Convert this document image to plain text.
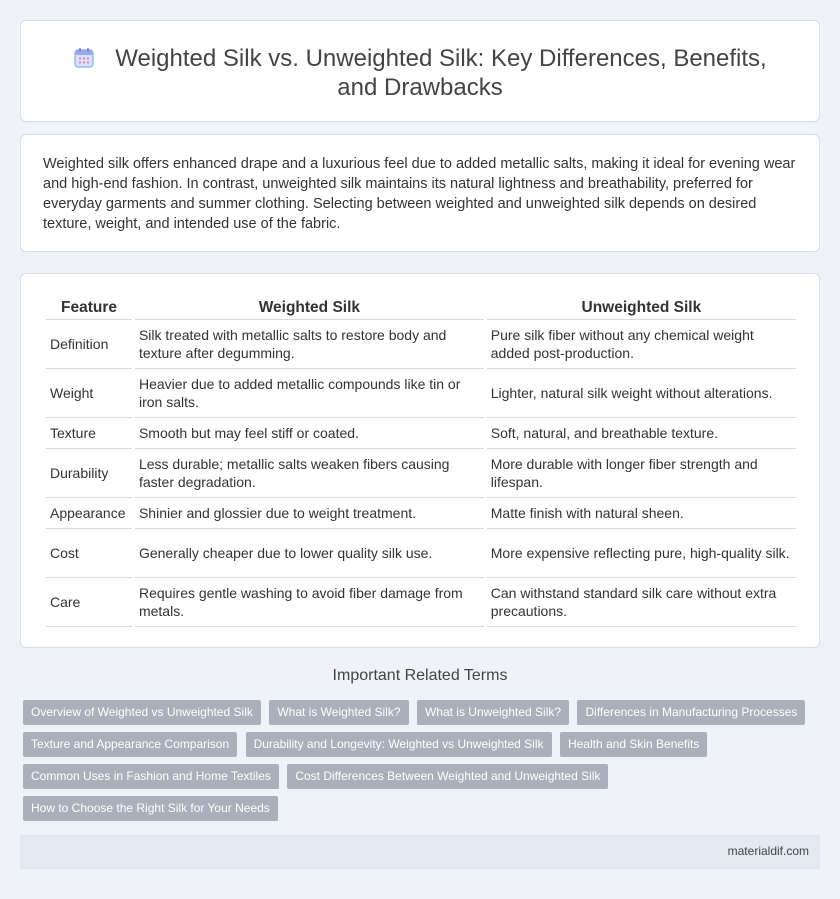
Weighted Silk vs. Unweighted Silk: Key Differences, Benefits, and Drawbacks
Weighted silk offers enhanced drape and a luxurious feel due to added metallic salts, making it ideal for evening wear and high-end fashion. In contrast, unweighted silk maintains its natural lightness and breathability, preferred for everyday garments and summer clothing. Selecting between weighted and unweighted silk depends on desired texture, weight, and intended use of the fabric.
Feature	Weighted Silk	Unweighted Silk
Definition	Silk treated with metallic salts to restore body and texture after degumming.	Pure silk fiber without any chemical weight added post-production.
Weight	Heavier due to added metallic compounds like tin or iron salts.	Lighter, natural silk weight without alterations.
Texture	Smooth but may feel stiff or coated.	Soft, natural, and breathable texture.
Durability	Less durable; metallic salts weaken fibers causing faster degradation.	More durable with longer fiber strength and lifespan.
Appearance	Shinier and glossier due to weight treatment.	Matte finish with natural sheen.
Cost	Generally cheaper due to lower quality silk use.	More expensive reflecting pure, high-quality silk.
Care	Requires gentle washing to avoid fiber damage from metals.	Can withstand standard silk care without extra precautions.
Important Related Terms
Overview of Weighted vs Unweighted Silk What is Weighted Silk? What is Unweighted Silk? Differences in Manufacturing Processes Texture and Appearance Comparison Durability and Longevity: Weighted vs Unweighted Silk Health and Skin Benefits Common Uses in Fashion and Home Textiles Cost Differences Between Weighted and Unweighted Silk How to Choose the Right Silk for Your Needs
materialdif.com
